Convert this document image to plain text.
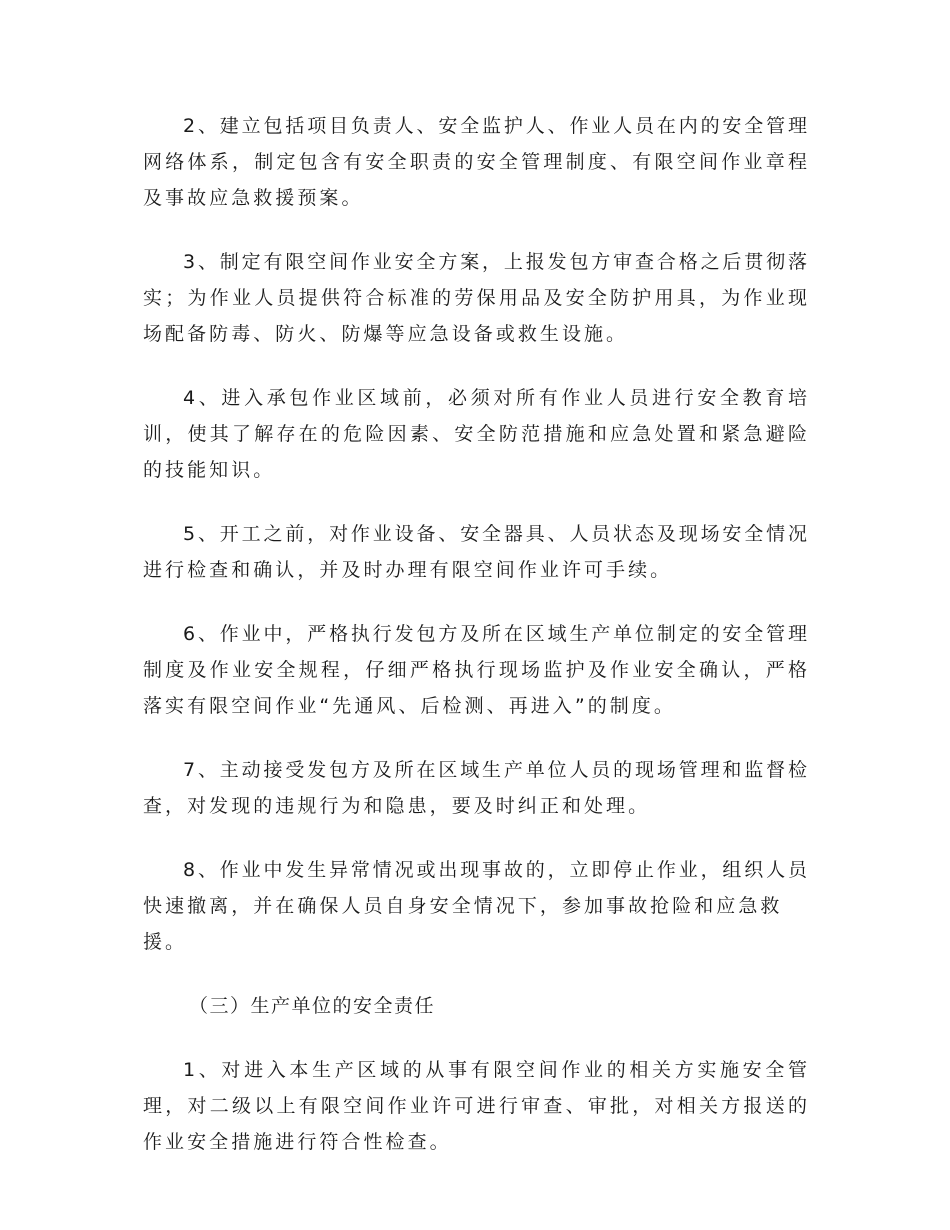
2、建立包括项目负责人、安全监护人、作业人员在内的安全管理
网络体系，制定包含有安全职责的安全管理制度、有限空间作业章程
及事故应急救援预案。
3、制定有限空间作业安全方案，上报发包方审查合格之后贯彻落
实；为作业人员提供符合标准的劳保用品及安全防护用具，为作业现
场配备防毒、防火、防爆等应急设备或救生设施。
4、进入承包作业区域前，必须对所有作业人员进行安全教育培
训，使其了解存在的危险因素、安全防范措施和应急处置和紧急避险
的技能知识。
5、开工之前，对作业设备、安全器具、人员状态及现场安全情况
进行检查和确认，并及时办理有限空间作业许可手续。
6、作业中，严格执行发包方及所在区域生产单位制定的安全管理
制度及作业安全规程，仔细严格执行现场监护及作业安全确认，严格
落实有限空间作业“先通风、后检测、再进入”的制度。
7、主动接受发包方及所在区域生产单位人员的现场管理和监督检
查，对发现的违规行为和隐患，要及时纠正和处理。
8、作业中发生异常情况或出现事故的，立即停止作业，组织人员
快速撤离，并在确保人员自身安全情况下，参加事故抢险和应急救
援。
（三）生产单位的安全责任
1、对进入本生产区域的从事有限空间作业的相关方实施安全管
理，对二级以上有限空间作业许可进行审查、审批，对相关方报送的
作业安全措施进行符合性检查。
